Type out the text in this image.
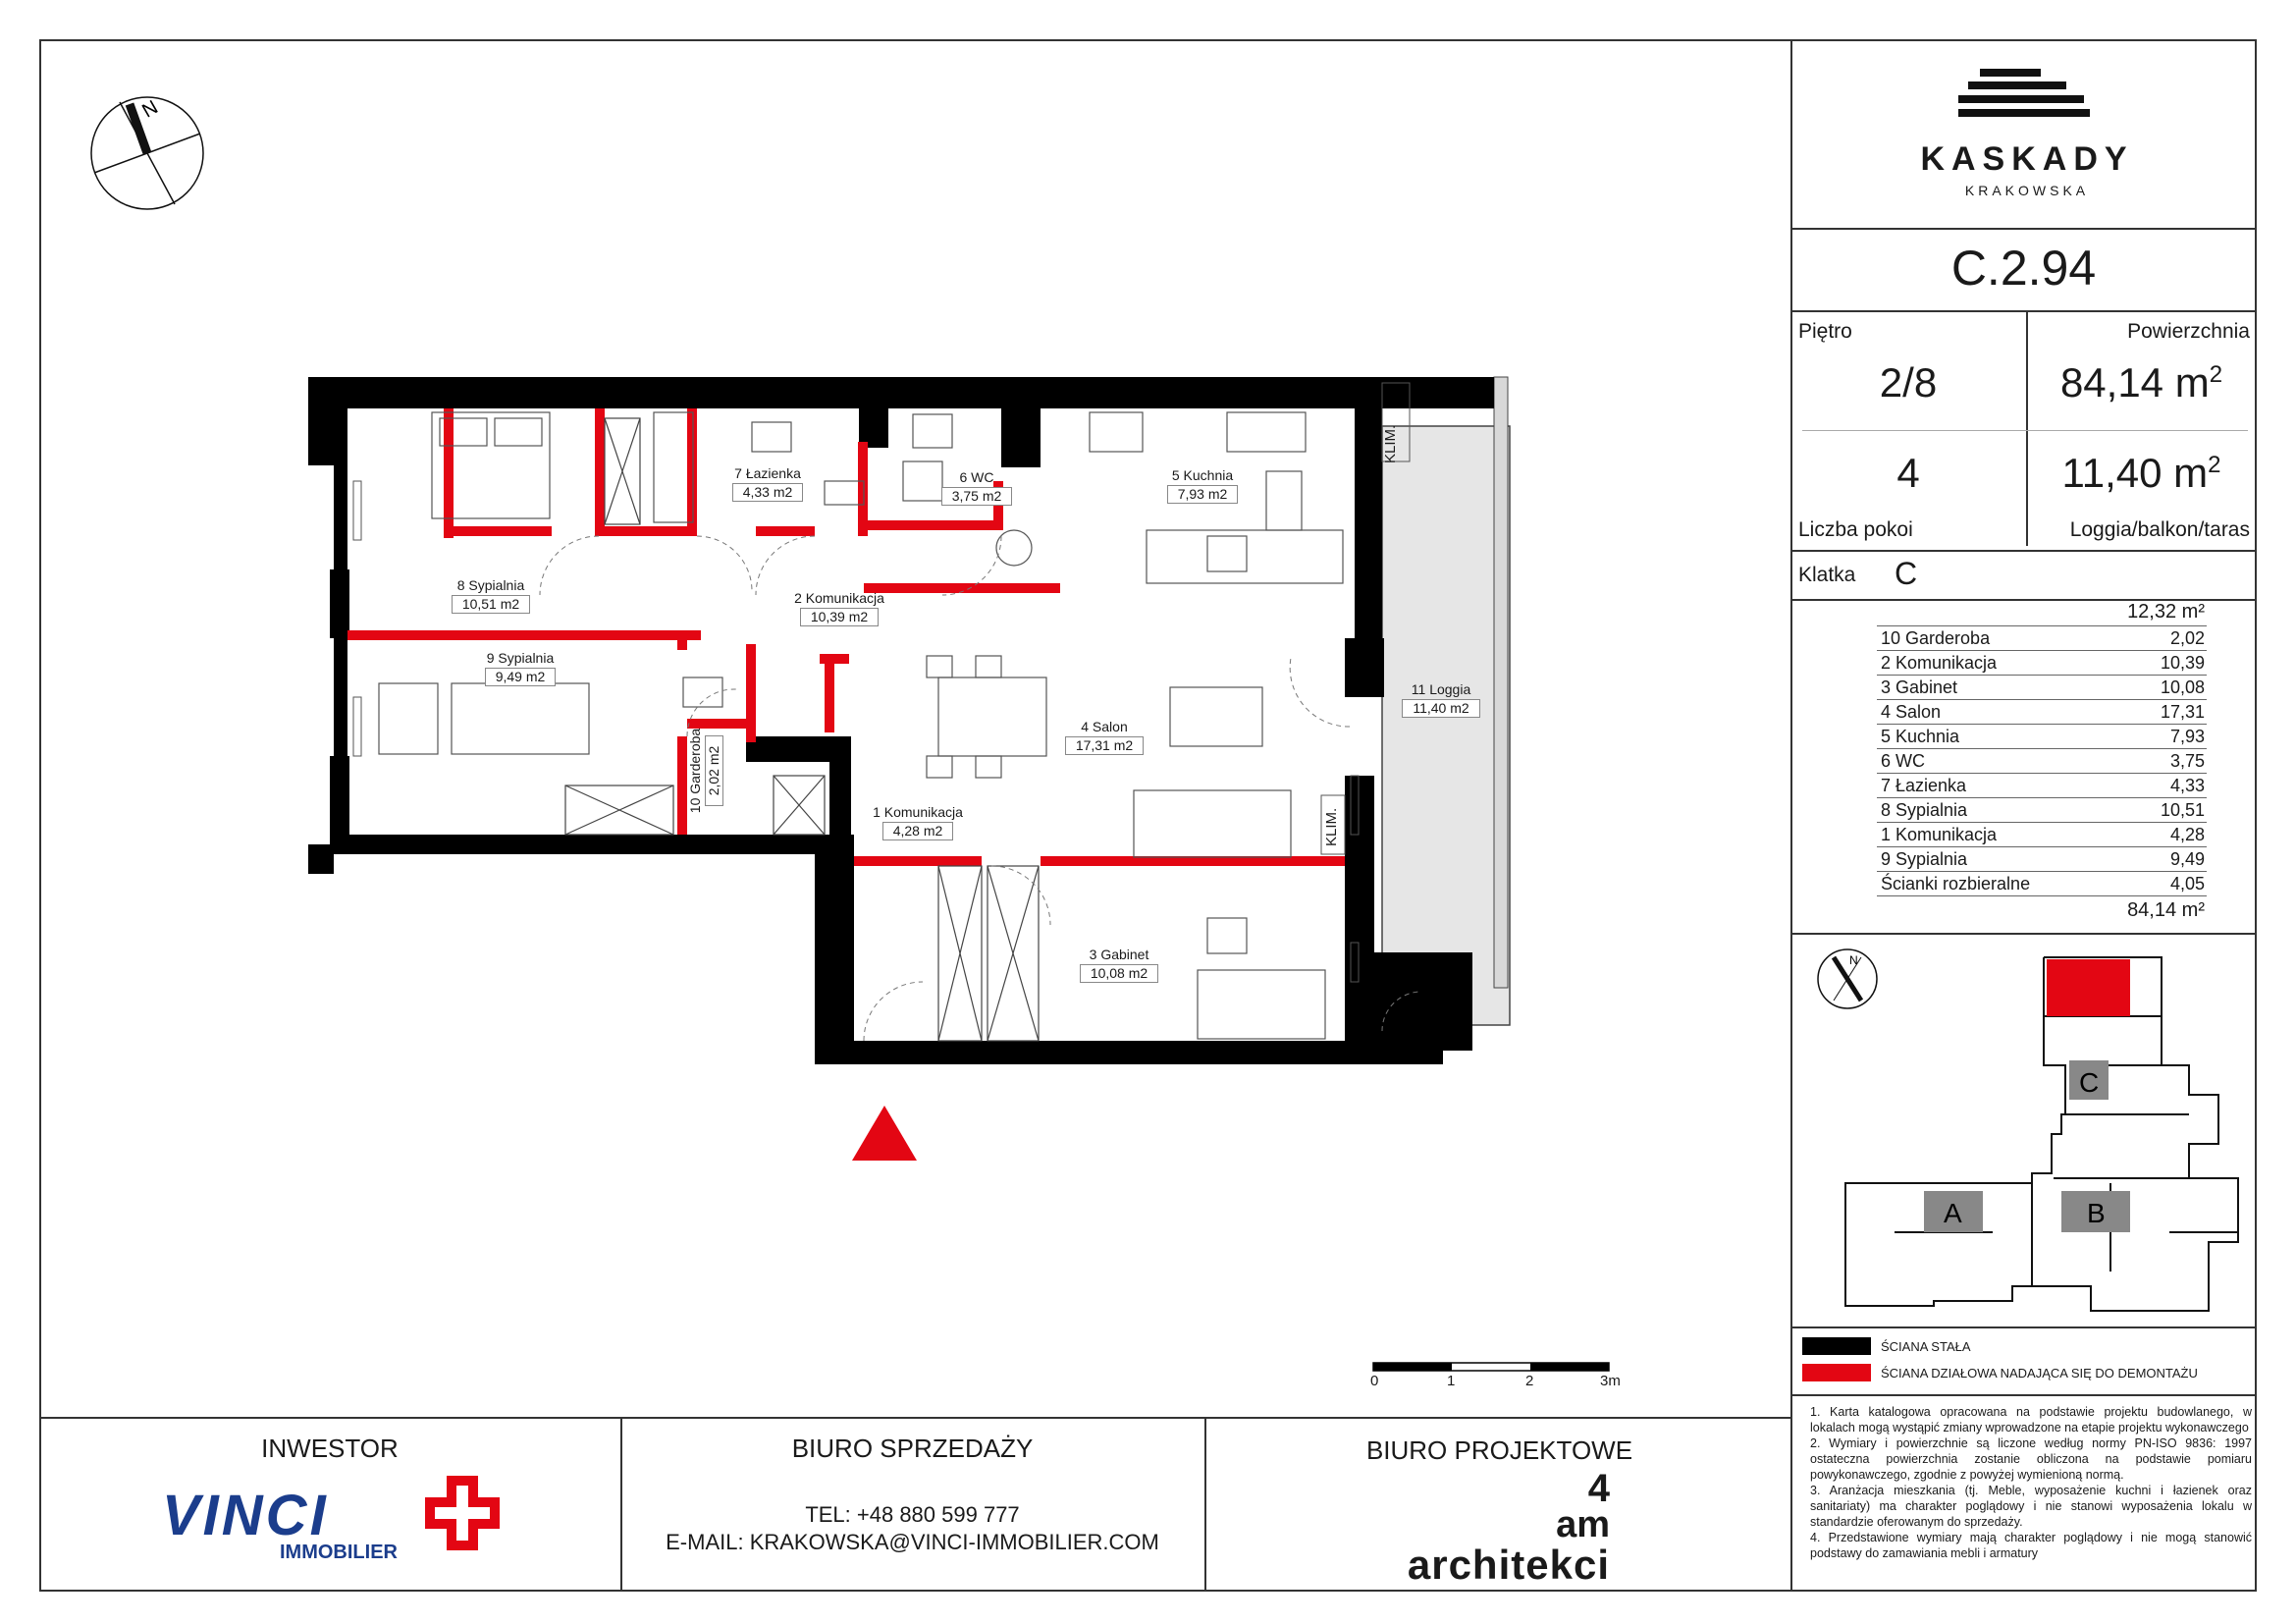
KASKADY
KRAKOWSKA
C.2.94
Piętro	Powierzchnia
2/8	84,14 $m^2$
4	11,40 $m^2$
Liczba pokoi	Loggia/balkon/taras
Klatka C
12,32 m²
10 Garderoba	2,02
2 Komunikacja	10,39
3 Gabinet	10,08
4 Salon	17,31
5 Kuchnia	7,93
6 WC	3,75
7 Łazienka	4,33
8 Sypialnia	10,51
1 Komunikacja	4,28
9 Sypialnia	9,49
Ścianki rozbieralne	4,05
84,14 m²
N
C
A	B
ŚCIANA STAŁA
ŚCIANA DZIAŁOWA NADAJĄCA SIĘ DO DEMONTAŻU

1. Karta katalogowa opracowana na podstawie projektu budowlanego, w lokalach mogą wystąpić zmiany wprowadzone na etapie projektu wykonawczego

2. Wymiary i powierzchnie są liczone według normy PN-ISO 9836: 1997 ostateczna powierzchnia zostanie obliczona na podstawie pomiaru powykonawczego, zgodnie z powyżej wymienioną normą.

3. Aranżacja mieszkania (tj. Meble, wyposażenie kuchni i łazienek oraz sanitariaty) ma charakter poglądowy i nie stanowi wyposażenia lokalu w standardzie oferowanym do sprzedaży.

4. Przedstawione wymiary mają charakter poglądowy i nie mogą stanowić podstawy do zamawiania mebli i armatury

INWESTOR
VINCI
IMMOBILIER
BIURO SPRZEDAŻY
TEL: +48 880 599 777
E-MAIL: KRAKOWSKA@VINCI-IMMOBILIER.COM
BIURO PROJEKTOWE
4
am
architekci
N
KLIM.
KLIM.
8 Sypialnia
10,51 m2
7 Łazienka
4,33 m2
6 WC
3,75 m2
5 Kuchnia
7,93 m2
2 Komunikacja
10,39 m2
9 Sypialnia
9,49 m2
10 Garderoba 2,02 m2
4 Salon
17,31 m2
11 Loggia
11,40 m2
1 Komunikacja
4,28 m2
3 Gabinet
10,08 m2
0	1	2	3m
